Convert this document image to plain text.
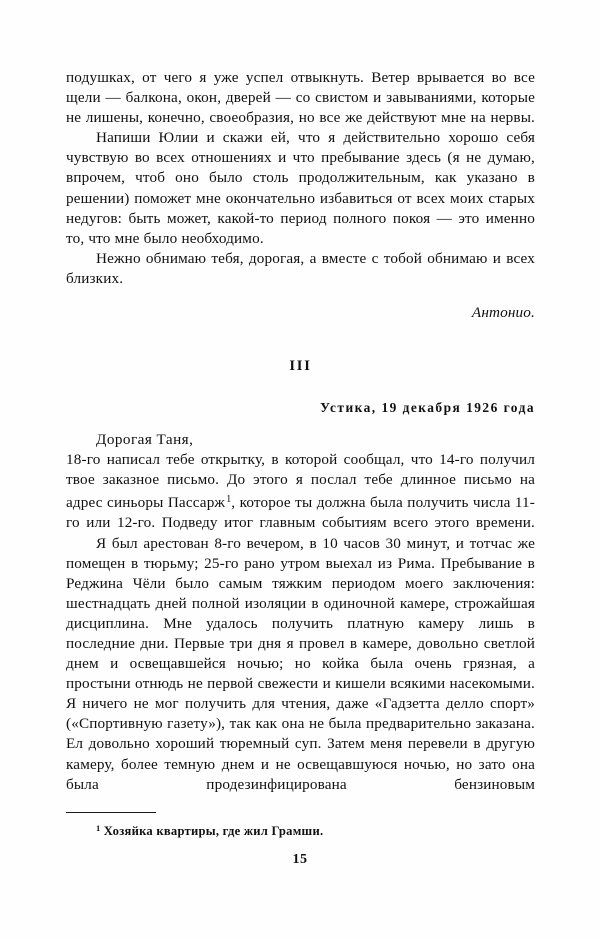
подушках, от чего я уже успел отвыкнуть. Ветер врывается во все щели — балкона, окон, дверей — со свистом и завываниями, которые не лишены, конечно, своеобразия, но все же действуют мне на нервы.

Напиши Юлии и скажи ей, что я действительно хорошо себя чувствую во всех отношениях и что пребывание здесь (я не думаю, впрочем, чтоб оно было столь продолжительным, как указано в решении) поможет мне окончательно избавиться от всех моих старых недугов: быть может, какой-то период полного покоя — это именно то, что мне было необходимо.

Нежно обнимаю тебя, дорогая, а вместе с тобой обнимаю и всех близких.

Антонио.

III

Устика, 19 декабря 1926 года

Дорогая Таня,

18-го написал тебе открытку, в которой сообщал, что 14-го получил твое заказное письмо. До этого я послал тебе длинное письмо на адрес синьоры Пассарж$^1$, которое ты должна была получить числа 11-го или 12-го. Подведу итог главным событиям всего этого времени.

Я был арестован 8-го вечером, в 10 часов 30 минут, и тотчас же помещен в тюрьму; 25-го рано утром выехал из Рима. Пребывание в Реджина Чёли было самым тяжким периодом моего заключения: шестнадцать дней полной изоляции в одиночной камере, строжайшая дисциплина. Мне удалось получить платную камеру лишь в последние дни. Первые три дня я провел в камере, довольно светлой днем и освещавшейся ночью; но койка была очень грязная, а простыни отнюдь не первой свежести и кишели всякими насекомыми. Я ничего не мог получить для чтения, даже «Гадзетта делло спорт» («Спортивную газету»), так как она не была предварительно заказана. Ел довольно хороший тюремный суп. Затем меня перевели в другую камеру, более темную днем и не освещавшуюся ночью, но зато она была продезинфицирована бензиновым

$^1$ Хозяйка квартиры, где жил Грамши.

15
